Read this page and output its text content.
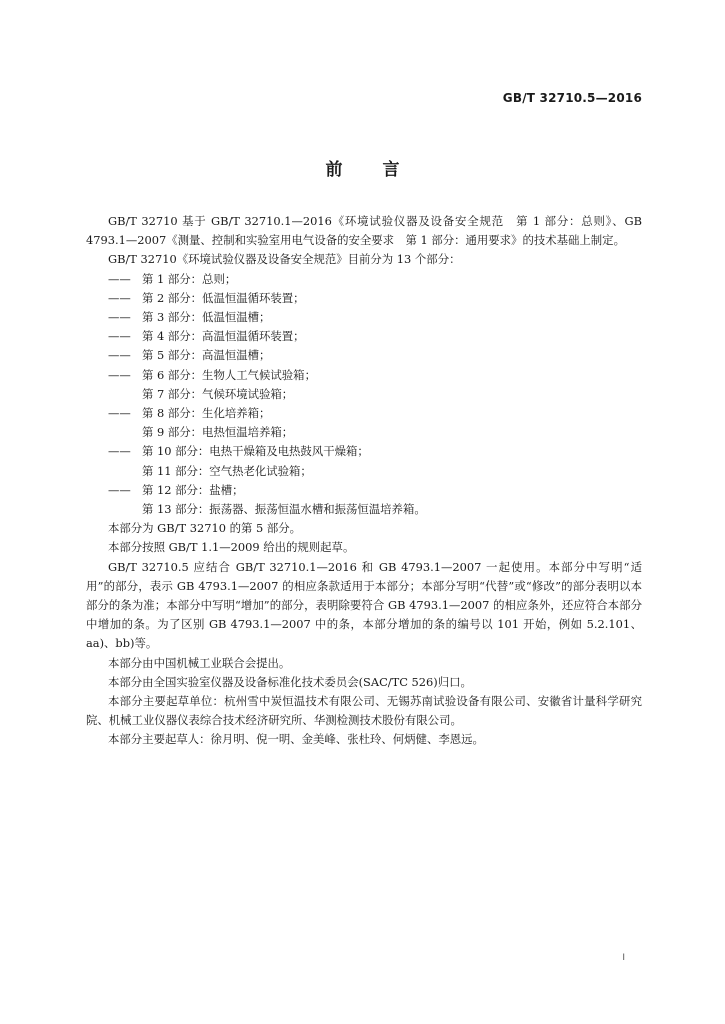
GB/T 32710.5—2016
前 言

GB/T 32710 基于 GB/T 32710.1—2016《环境试验仪器及设备安全规范　第 1 部分：总则》、GB 4793.1—2007《测量、控制和实验室用电气设备的安全要求　第 1 部分：通用要求》的技术基础上制定。

GB/T 32710《环境试验仪器及设备安全规范》目前分为 13 个部分：

—— 第 1 部分：总则；

—— 第 2 部分：低温恒温循环装置；

—— 第 3 部分：低温恒温槽；

—— 第 4 部分：高温恒温循环装置；

—— 第 5 部分：高温恒温槽；

—— 第 6 部分：生物人工气候试验箱；

第 7 部分：气候环境试验箱；

—— 第 8 部分：生化培养箱；

第 9 部分：电热恒温培养箱；

—— 第 10 部分：电热干燥箱及电热鼓风干燥箱；

第 11 部分：空气热老化试验箱；

—— 第 12 部分：盐槽；

第 13 部分：振荡器、振荡恒温水槽和振荡恒温培养箱。

本部分为 GB/T 32710 的第 5 部分。

本部分按照 GB/T 1.1—2009 给出的规则起草。

GB/T 32710.5 应结合 GB/T 32710.1—2016 和 GB 4793.1—2007 一起使用。本部分中写明“适用”的部分，表示 GB 4793.1—2007 的相应条款适用于本部分；本部分写明“代替”或“修改”的部分表明以本部分的条为准；本部分中写明“增加”的部分，表明除要符合 GB 4793.1—2007 的相应条外，还应符合本部分中增加的条。为了区别 GB 4793.1—2007 中的条，本部分增加的条的编号以 101 开始，例如 5.2.101、aa)、bb)等。

本部分由中国机械工业联合会提出。

本部分由全国实验室仪器及设备标准化技术委员会(SAC/TC 526)归口。

本部分主要起草单位：杭州雪中炭恒温技术有限公司、无锡苏南试验设备有限公司、安徽省计量科学研究院、机械工业仪器仪表综合技术经济研究所、华测检测技术股份有限公司。

本部分主要起草人：徐月明、倪一明、金美峰、张杜玲、何炳健、李恩远。

I
